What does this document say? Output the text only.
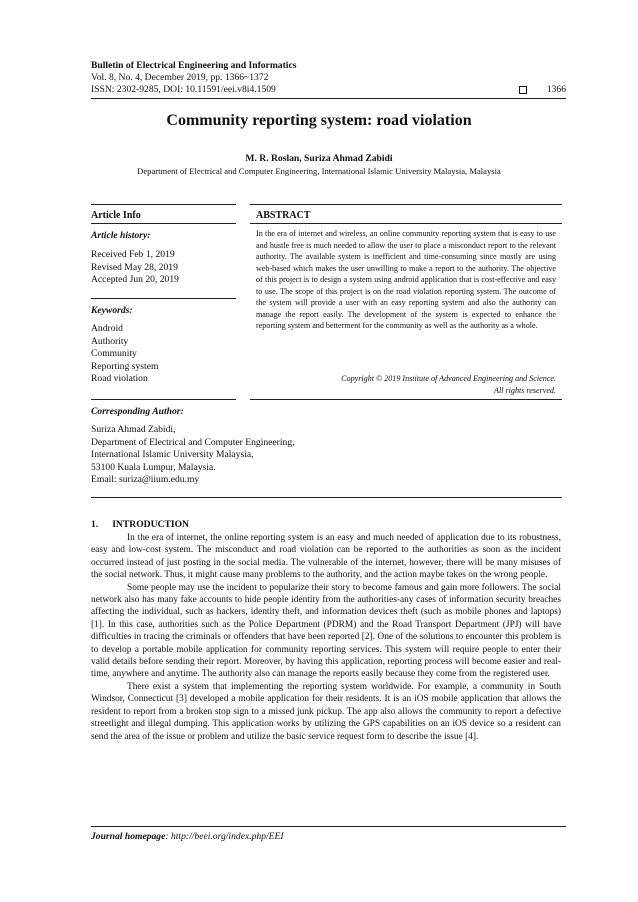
Bulletin of Electrical Engineering and Informatics
Vol. 8, No. 4, December 2019, pp. 1366~1372
ISSN: 2302-9285, DOI: 10.11591/eei.v8i4.1509	1366
Community reporting system: road violation
M. R. Roslan, Suriza Ahmad Zabidi
Department of Electrical and Computer Engineering, International Islamic University Malaysia, Malaysia
Article Info
Article history:
Received Feb 1, 2019
Revised May 28, 2019
Accepted Jun 20, 2019
Keywords:
Android
Authority
Community
Reporting system
Road violation
ABSTRACT
In the era of internet and wireless, an online community reporting system that is easy to use and hustle free is much needed to allow the user to place a misconduct report to the relevant authority. The available system is inefficient and time-consuming since mostly are using web-based which makes the user unwilling to make a report to the authority. The objective of this project is to design a system using android application that is cost-effective and easy to use. The scope of this project is on the road violation reporting system. The outcome of the system will provide a user with an easy reporting system and also the authority can manage the report easily. The development of the system is expected to enhance the reporting system and betterment for the community as well as the authority as a whole.
Copyright © 2019 Institute of Advanced Engineering and Science.
All rights reserved.
Corresponding Author:
Suriza Ahmad Zabidi,
Department of Electrical and Computer Engineering,
International Islamic University Malaysia,
53100 Kuala Lumpur, Malaysia.
Email: suriza@iium.edu.my
1. INTRODUCTION

In the era of internet, the online reporting system is an easy and much needed of application due to its robustness, easy and low-cost system. The misconduct and road violation can be reported to the authorities as soon as the incident occurred instead of just posting in the social media. The vulnerable of the internet, however, there will be many misuses of the social network. Thus, it might cause many problems to the authority, and the action maybe takes on the wrong people.

Some people may use the incident to popularize their story to become famous and gain more followers. The social network also has many fake accounts to hide people identity from the authorities-any cases of information security breaches affecting the individual, such as hackers, identity theft, and information devices theft (such as mobile phones and laptops) [1]. In this case, authorities such as the Police Department (PDRM) and the Road Transport Department (JPJ) will have difficulties in tracing the criminals or offenders that have been reported [2]. One of the solutions to encounter this problem is to develop a portable mobile application for community reporting services. This system will require people to enter their valid details before sending their report. Moreover, by having this application, reporting process will become easier and real-time, anywhere and anytime. The authority also can manage the reports easily because they come from the registered user.

There exist a system that implementing the reporting system worldwide. For example, a community in South Windsor, Connecticut [3] developed a mobile application for their residents. It is an iOS mobile application that allows the resident to report from a broken stop sign to a missed junk pickup. The app also allows the community to report a defective streetlight and illegal dumping. This application works by utilizing the GPS capabilities on an iOS device so a resident can send the area of the issue or problem and utilize the basic service request form to describe the issue [4].

Journal homepage: http://beei.org/index.php/EEI
